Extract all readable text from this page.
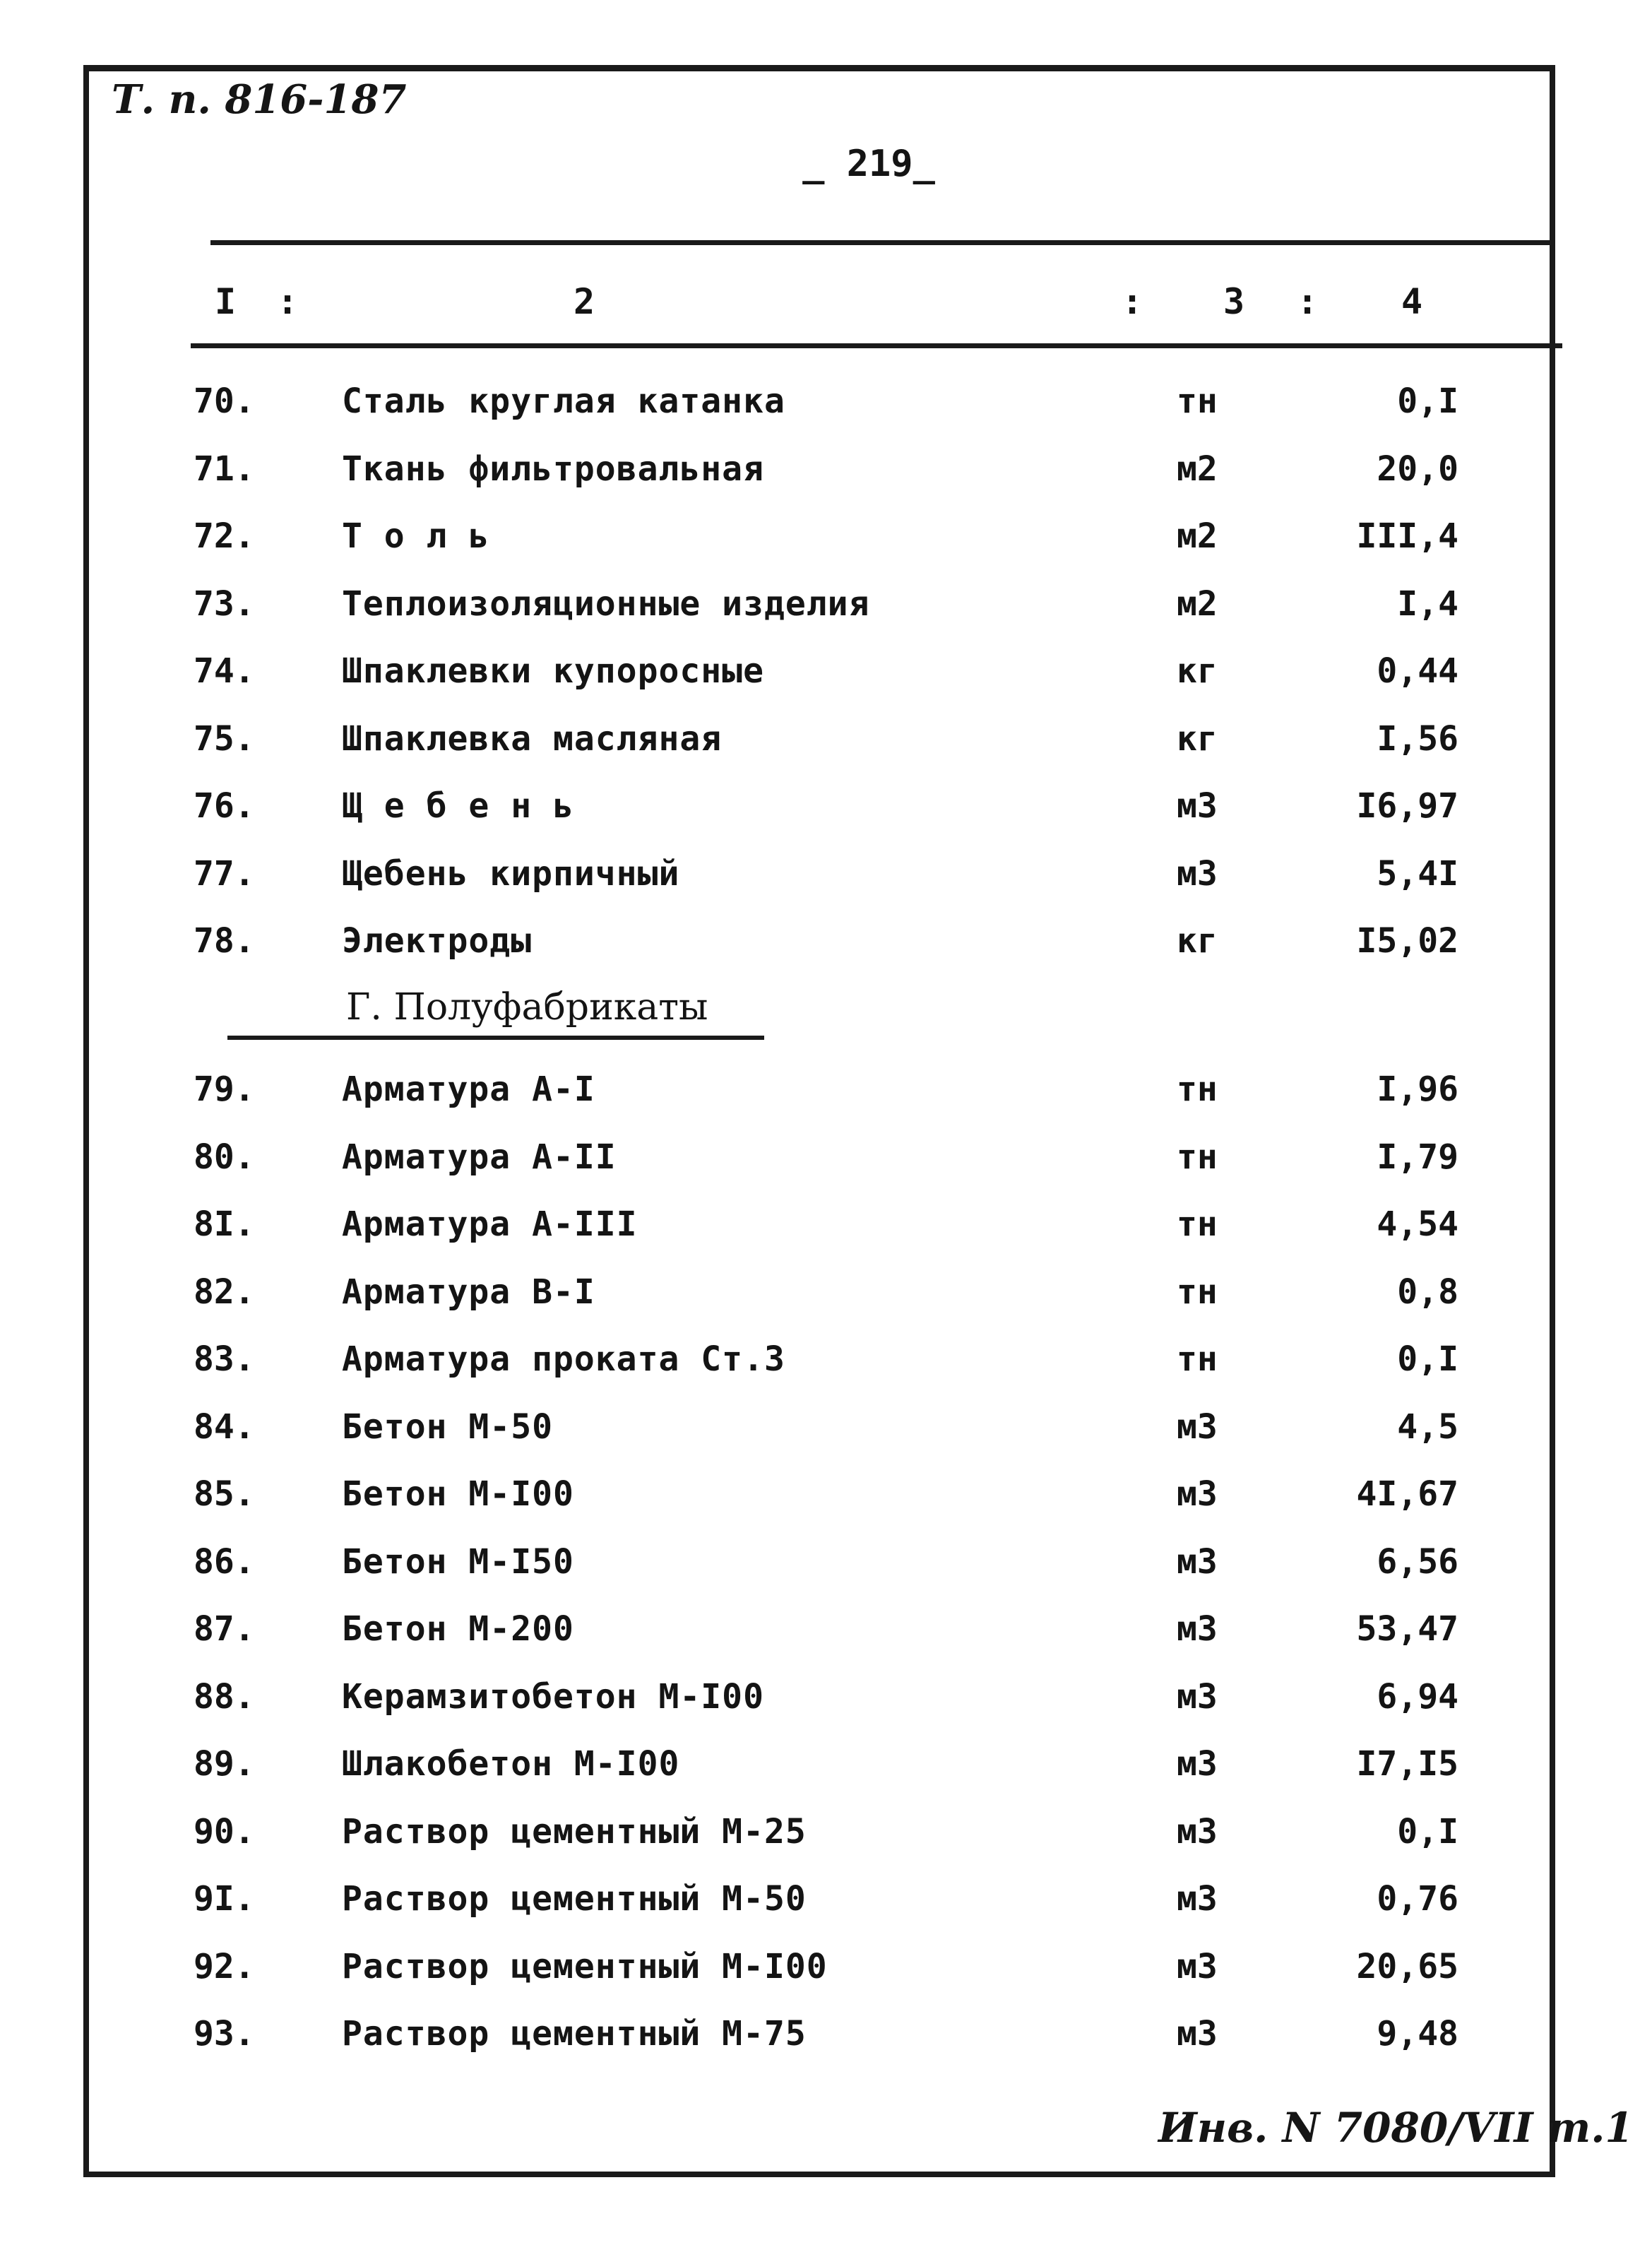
Т. п. 816-187
_ 219_
I :	2	: 3 : 4
70.	Сталь круглая катанка	тн	0,I
71.	Ткань фильтровальная	м2	20,0
72.	Т о л ь	м2	III,4
73.	Теплоизоляционные изделия	м2	I,4
74.	Шпаклевки купоросные	кг	0,44
75.	Шпаклевка масляная	кг	I,56
76.	Щ е б е н ь	м3	I6,97
77.	Щебень кирпичный	м3	5,4I
78.	Электроды	кг	I5,02
Г. Полуфабрикаты
79.	Арматура А-I	тн	I,96
80.	Арматура А-II	тн	I,79
8I.	Арматура А-III	тн	4,54
82.	Арматура В-I	тн	0,8
83.	Арматура проката Ст.3	тн	0,I
84.	Бетон М-50	м3	4,5
85.	Бетон М-I00	м3	4I,67
86.	Бетон М-I50	м3	6,56
87.	Бетон М-200	м3	53,47
88.	Керамзитобетон М-I00	м3	6,94
89.	Шлакобетон М-I00	м3	I7,I5
90.	Раствор цементный М-25	м3	0,I
9I.	Раствор цементный М-50	м3	0,76
92.	Раствор цементный М-I00	м3	20,65
93.	Раствор цементный М-75	м3	9,48
Инв. N 7080/VII т.1
